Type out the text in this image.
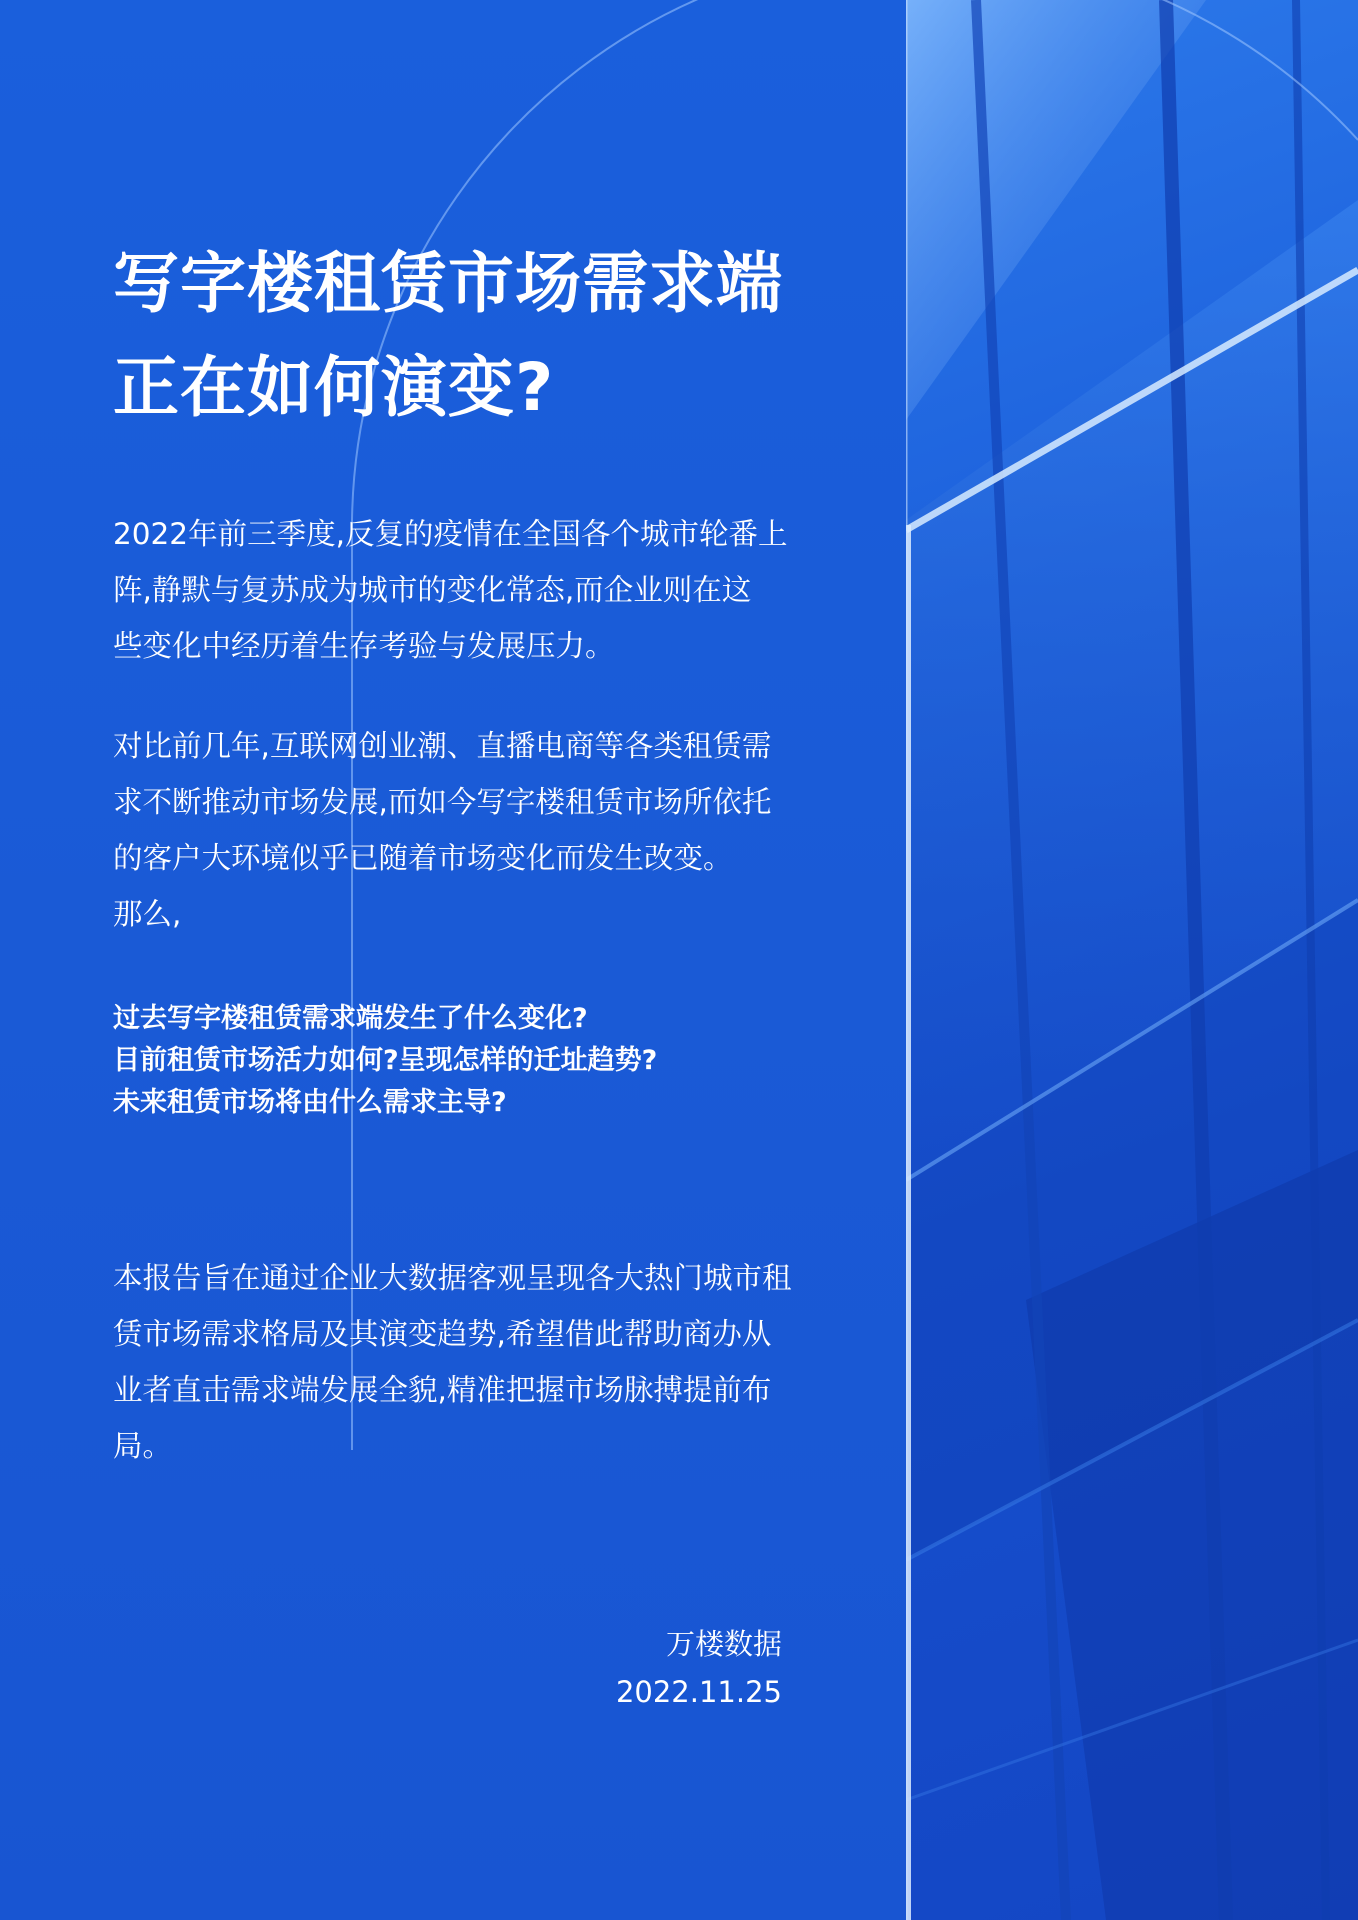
写字楼租赁市场需求端
正在如何演变?
2022年前三季度,反复的疫情在全国各个城市轮番上
阵,静默与复苏成为城市的变化常态,而企业则在这
些变化中经历着生存考验与发展压力。
对比前几年,互联网创业潮、直播电商等各类租赁需
求不断推动市场发展,而如今写字楼租赁市场所依托
的客户大环境似乎已随着市场变化而发生改变。
那么,
过去写字楼租赁需求端发生了什么变化?
目前租赁市场活力如何?呈现怎样的迁址趋势?
未来租赁市场将由什么需求主导?
本报告旨在通过企业大数据客观呈现各大热门城市租
赁市场需求格局及其演变趋势,希望借此帮助商办从
业者直击需求端发展全貌,精准把握市场脉搏提前布
局。
万楼数据
2022.11.25
